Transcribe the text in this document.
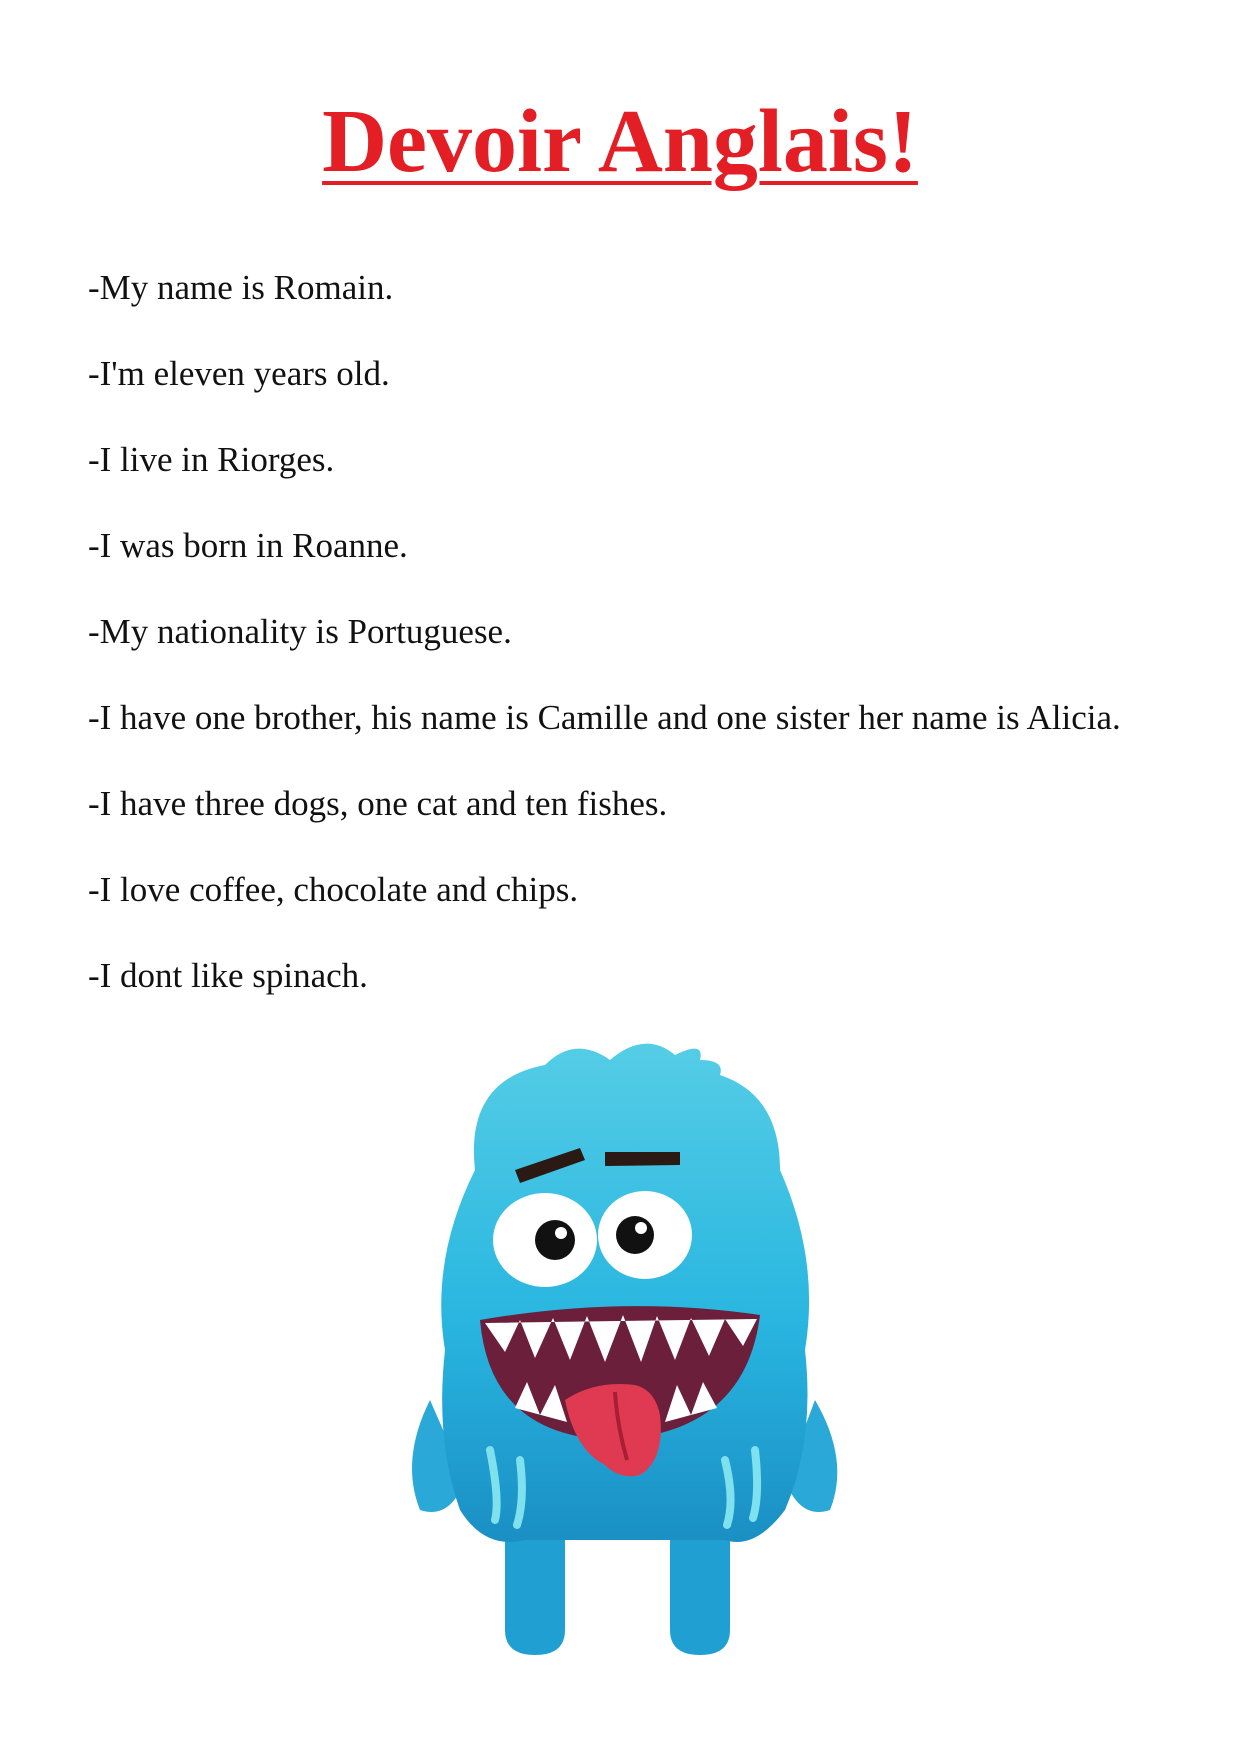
Devoir Anglais!
-My name is Romain.
-I'm eleven years old.
-I live in Riorges.
-I was born in Roanne.
-My nationality is Portuguese.
-I have one brother, his name is Camille and one sister her name is Alicia.
-I have three dogs, one cat and ten fishes.
-I love coffee, chocolate and chips.
-I dont like spinach.
